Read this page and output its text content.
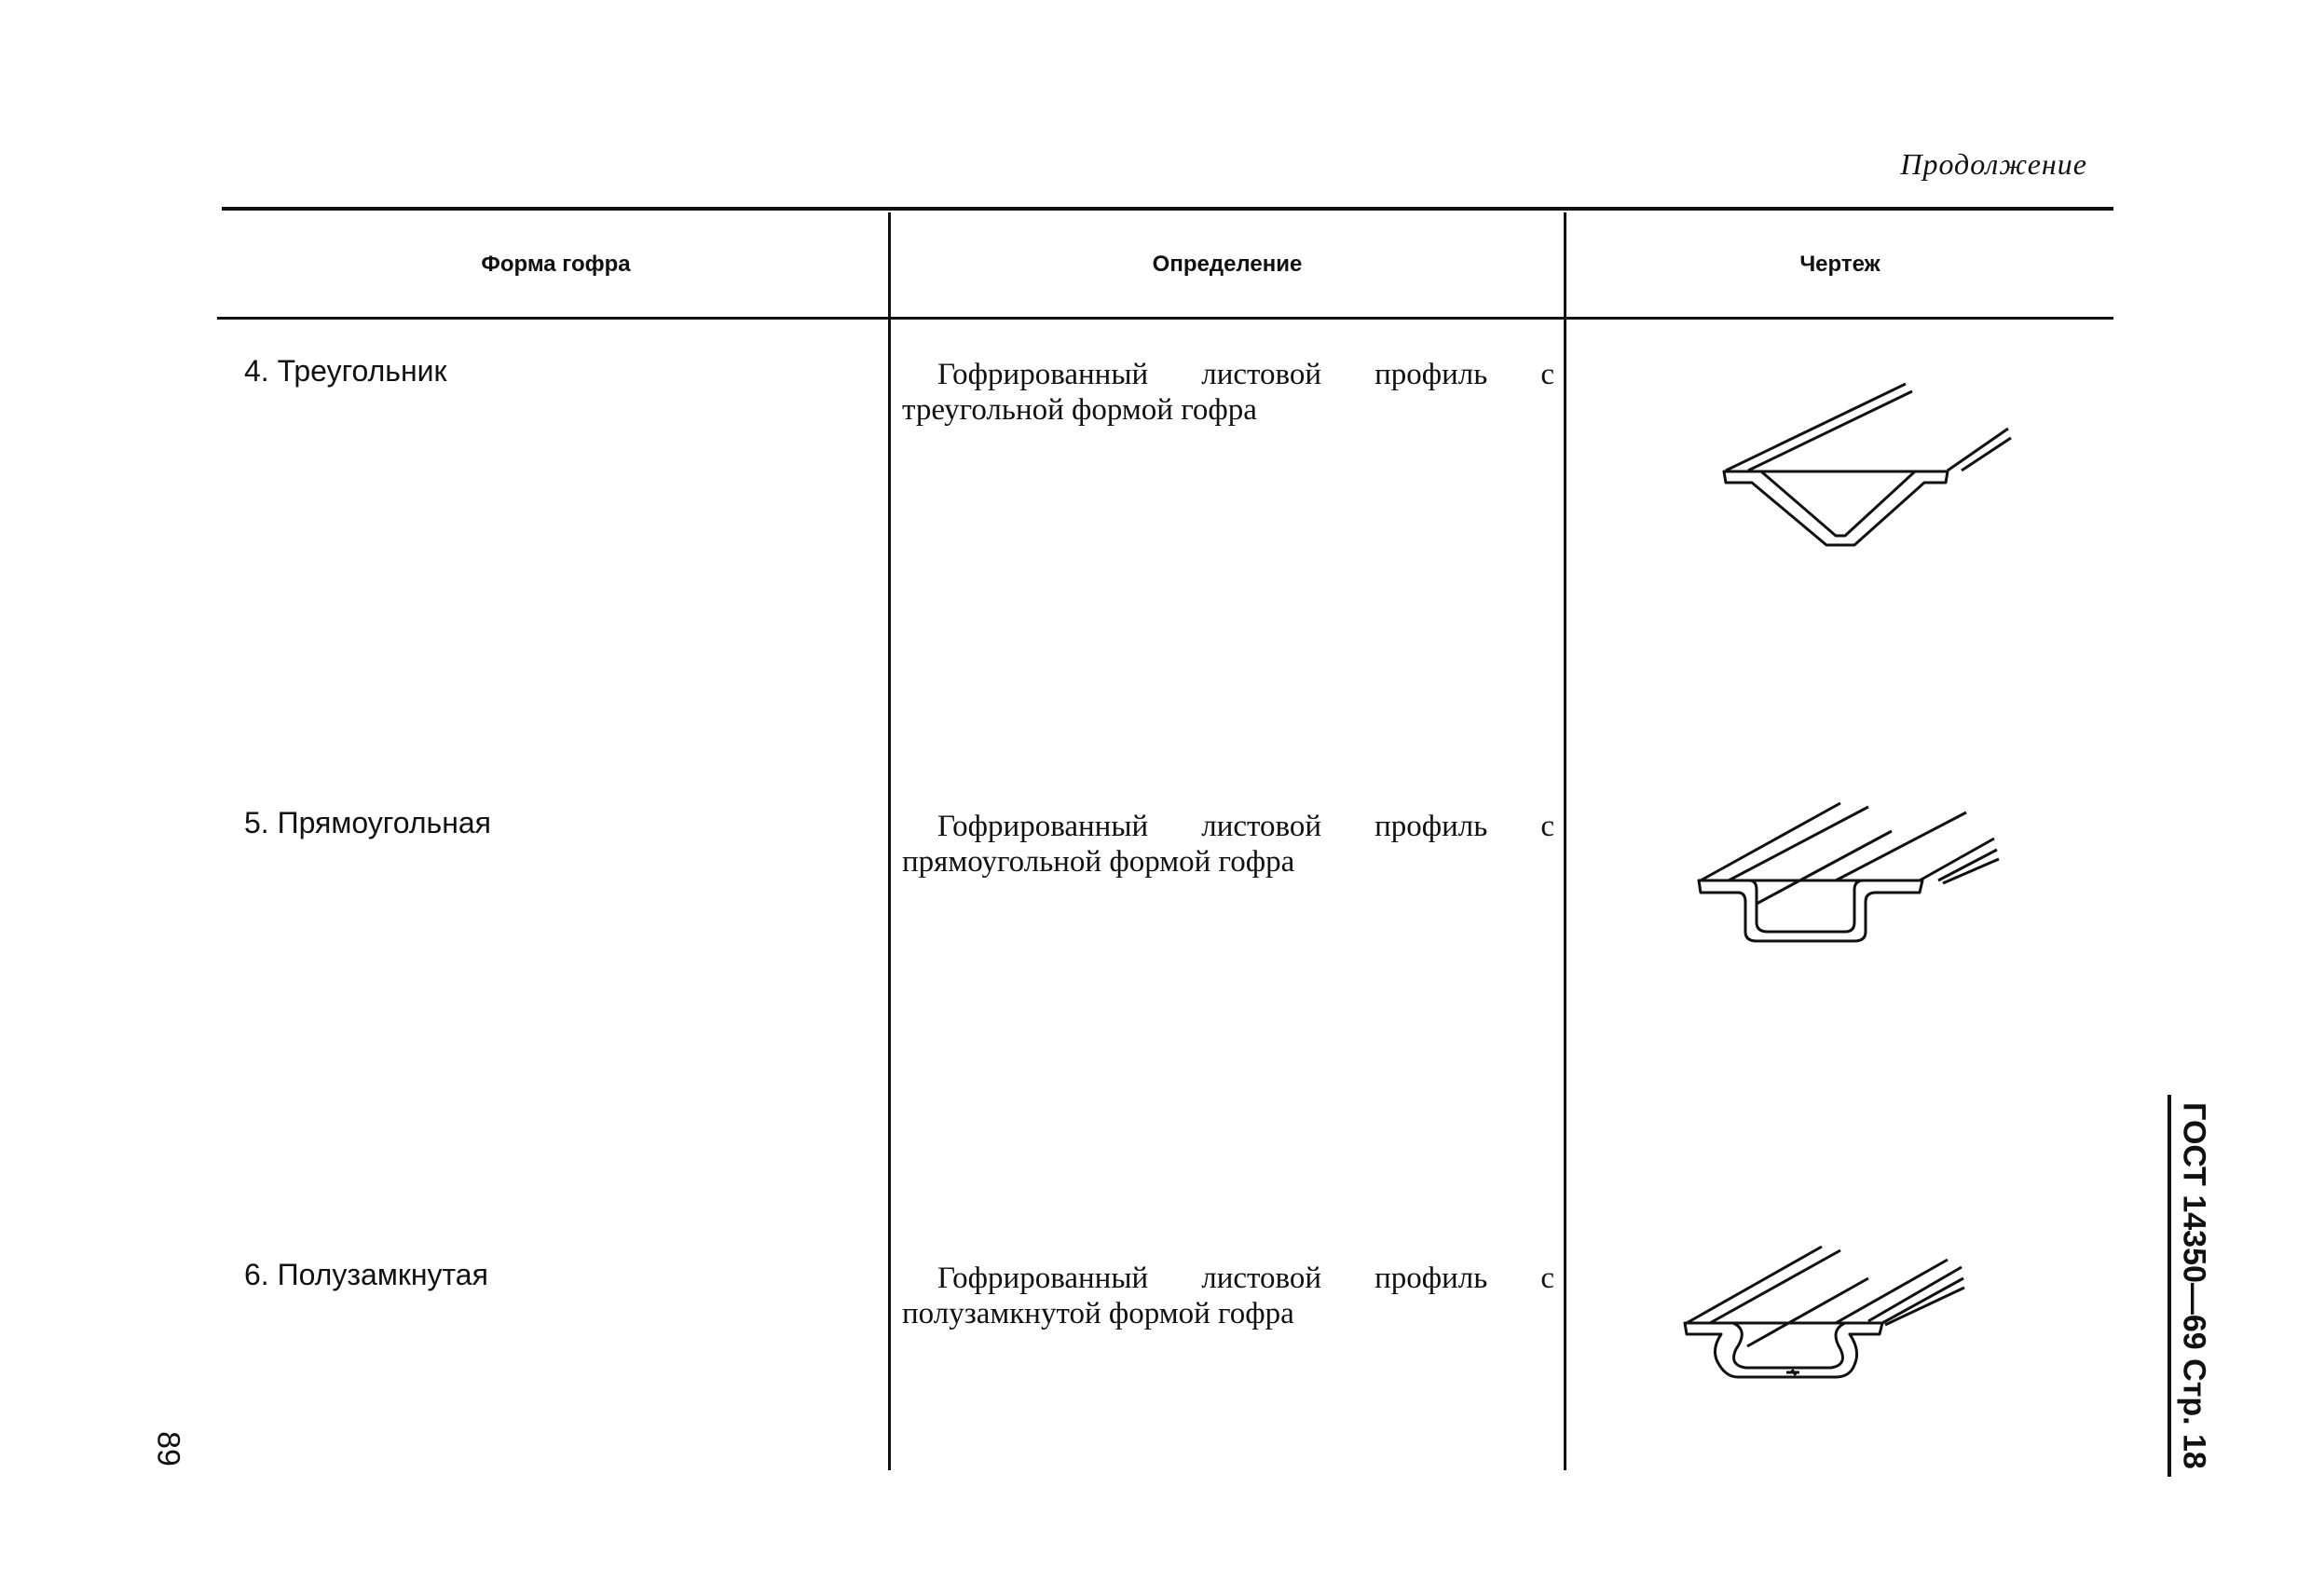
Продолжение
Форма гофра	Определение	Чертеж
4. Треугольник	Гофрированный листовой профиль с треугольной формой гофра
5. Прямоугольная	Гофрированный листовой профиль с прямоугольной формой гофра
6. Полузамкнутая	Гофрированный листовой профиль с полузамкнутой формой гофра	ГОСТ 14350—69 Стр. 18
89
